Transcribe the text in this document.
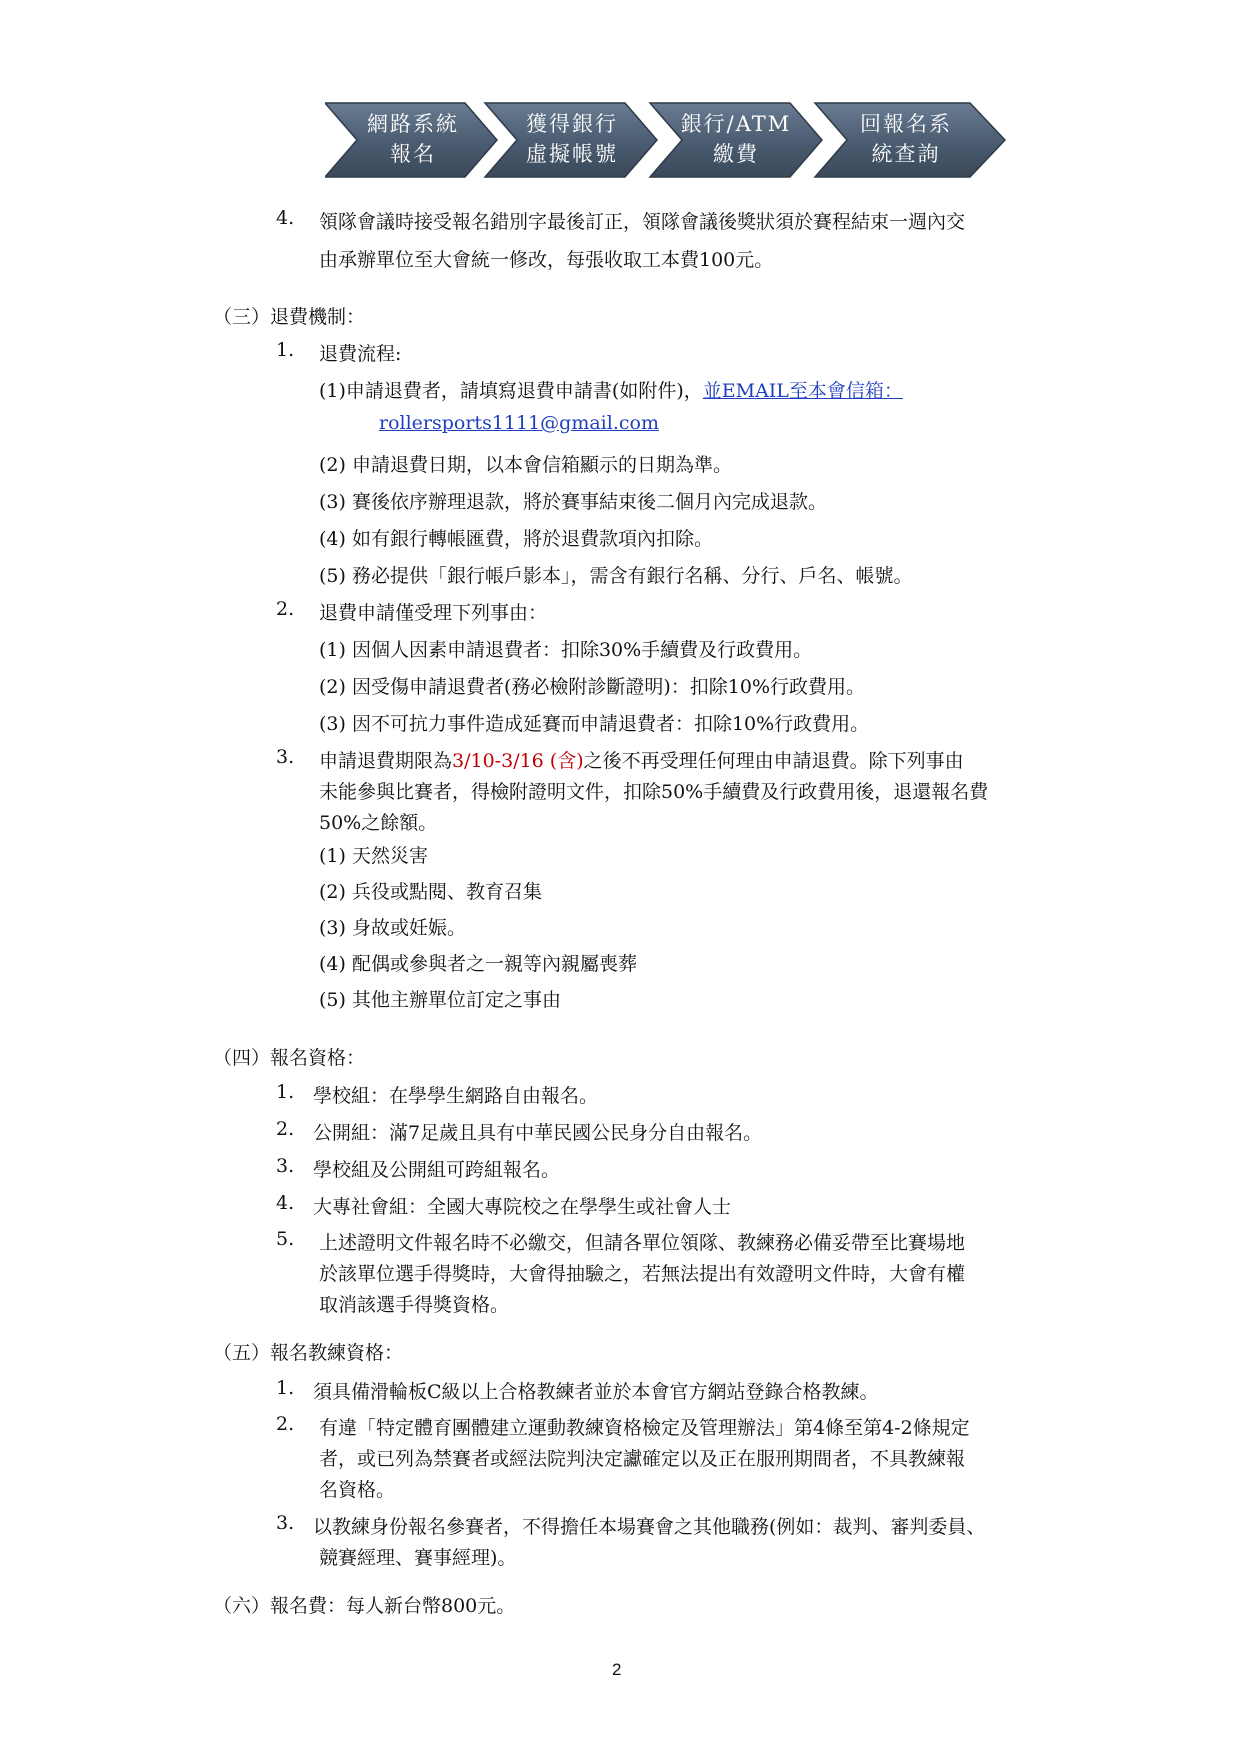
網路系統
報名
獲得銀行
虛擬帳號
銀行/ATM
繳費
回報名系
統查詢
4. 領隊會議時接受報名錯別字最後訂正，領隊會議後獎狀須於賽程結束一週內交
由承辦單位至大會統一修改，每張收取工本費100元。
（三）退費機制：
1. 退費流程:
(1)申請退費者，請填寫退費申請書(如附件)，並EMAIL至本會信箱：
rollersports1111@gmail.com
(2) 申請退費日期，以本會信箱顯示的日期為準。
(3) 賽後依序辦理退款，將於賽事結束後二個月內完成退款。
(4) 如有銀行轉帳匯費，將於退費款項內扣除。
(5) 務必提供「銀行帳戶影本」，需含有銀行名稱、分行、戶名、帳號。
2. 退費申請僅受理下列事由：
(1) 因個人因素申請退費者：扣除30%手續費及行政費用。
(2) 因受傷申請退費者(務必檢附診斷證明)：扣除10%行政費用。
(3) 因不可抗力事件造成延賽而申請退費者：扣除10%行政費用。
3. 申請退費期限為3/10-3/16 (含)之後不再受理任何理由申請退費。除下列事由
未能參與比賽者，得檢附證明文件，扣除50%手續費及行政費用後，退還報名費
50%之餘額。
(1) 天然災害
(2) 兵役或點閱、教育召集
(3) 身故或妊娠。
(4) 配偶或參與者之一親等內親屬喪葬
(5) 其他主辦單位訂定之事由
（四）報名資格：
1. 學校組：在學學生網路自由報名。
2. 公開組：滿7足歲且具有中華民國公民身分自由報名。
3. 學校組及公開組可跨組報名。
4. 大專社會組：全國大專院校之在學學生或社會人士
5. 上述證明文件報名時不必繳交，但請各單位領隊、教練務必備妥帶至比賽場地
於該單位選手得獎時，大會得抽驗之，若無法提出有效證明文件時，大會有權
取消該選手得獎資格。
（五）報名教練資格：
1. 須具備滑輪板C級以上合格教練者並於本會官方網站登錄合格教練。
2. 有違「特定體育團體建立運動教練資格檢定及管理辦法」第4條至第4-2條規定
者，或已列為禁賽者或經法院判決定讞確定以及正在服刑期間者，不具教練報
名資格。
3. 以教練身份報名參賽者，不得擔任本場賽會之其他職務(例如：裁判、審判委員、
競賽經理、賽事經理)。
（六）報名費：每人新台幣800元。
2
